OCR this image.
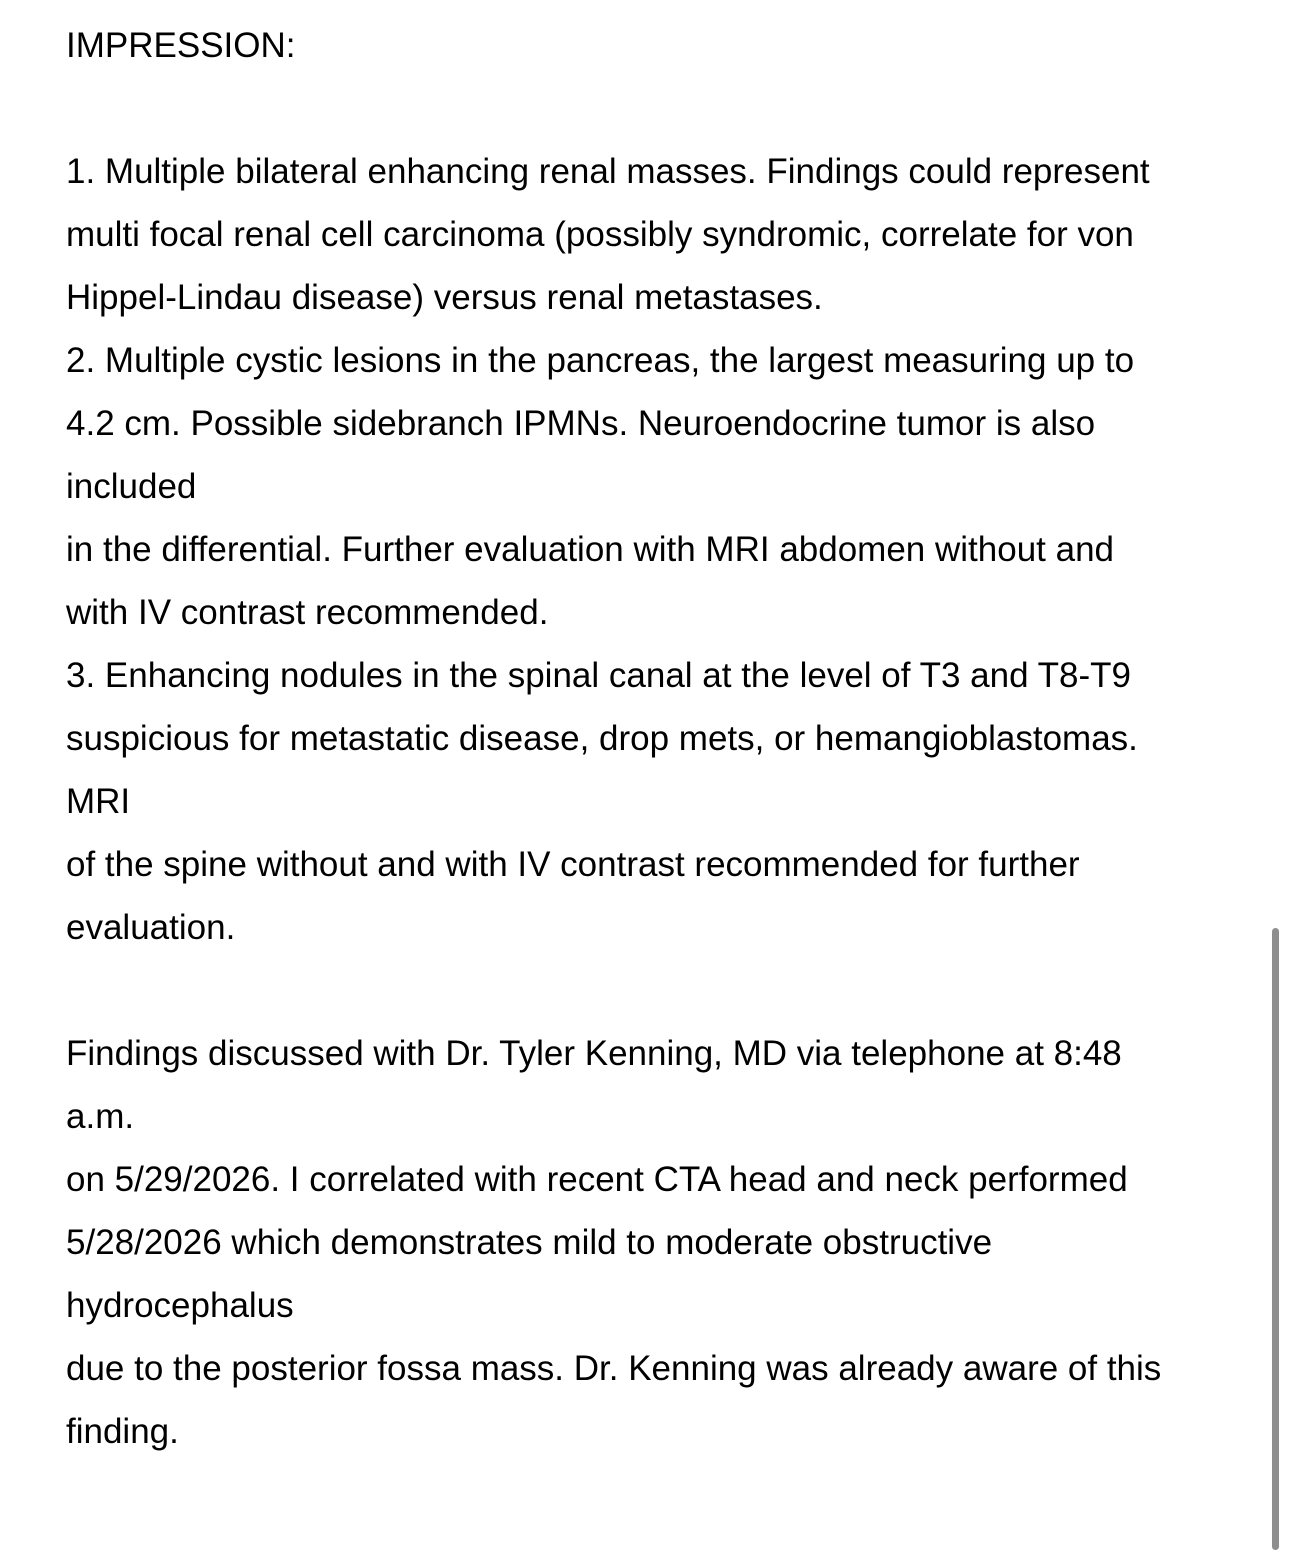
IMPRESSION:
1. Multiple bilateral enhancing renal masses. Findings could represent
multi focal renal cell carcinoma (possibly syndromic, correlate for von
Hippel-Lindau disease) versus renal metastases.
2. Multiple cystic lesions in the pancreas, the largest measuring up to
4.2 cm. Possible sidebranch IPMNs. Neuroendocrine tumor is also
included
in the differential. Further evaluation with MRI abdomen without and
with IV contrast recommended.
3. Enhancing nodules in the spinal canal at the level of T3 and T8-T9
suspicious for metastatic disease, drop mets, or hemangioblastomas.
MRI
of the spine without and with IV contrast recommended for further
evaluation.
Findings discussed with Dr. Tyler Kenning, MD via telephone at 8:48
a.m.
on 5/29/2026. I correlated with recent CTA head and neck performed
5/28/2026 which demonstrates mild to moderate obstructive
hydrocephalus
due to the posterior fossa mass. Dr. Kenning was already aware of this
finding.
